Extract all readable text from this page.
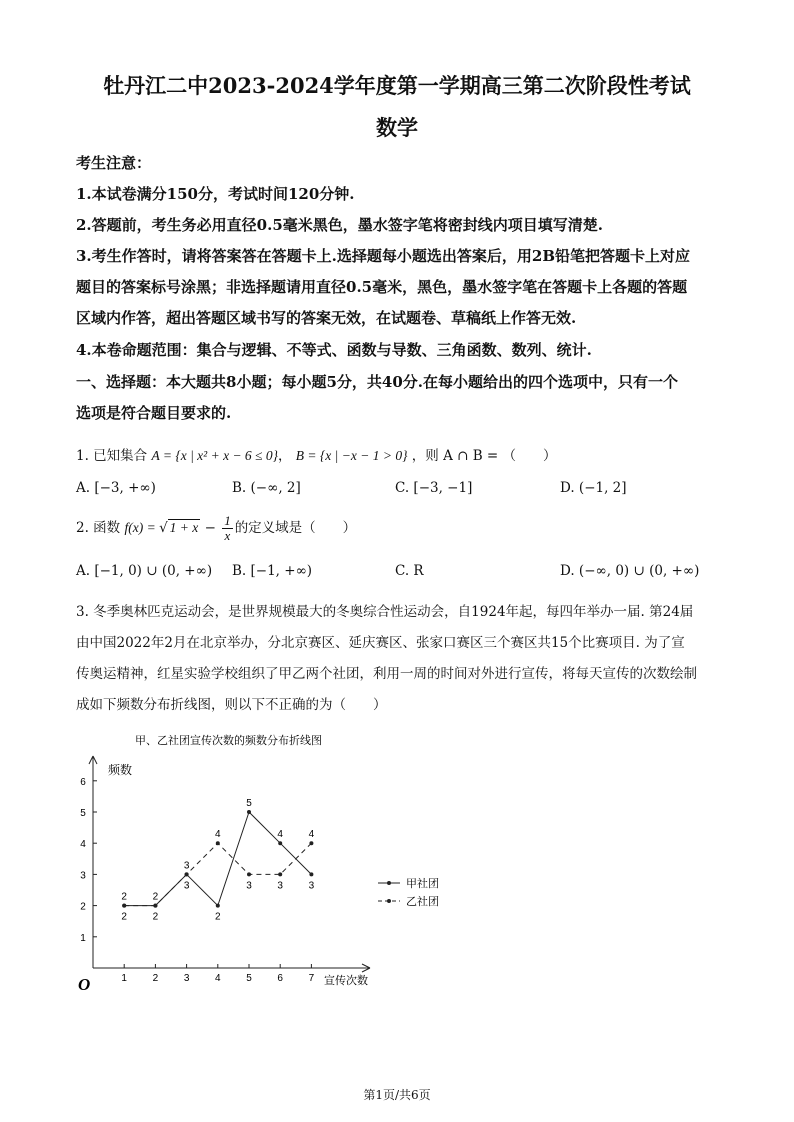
牡丹江二中2023-2024学年度第一学期高三第二次阶段性考试
数学
考生注意：
1.本试卷满分150分，考试时间120分钟.
2.答题前，考生务必用直径0.5毫米黑色，墨水签字笔将密封线内项目填写清楚.
3.考生作答时，请将答案答在答题卡上.选择题每小题选出答案后，用2B铅笔把答题卡上对应
题目的答案标号涂黑；非选择题请用直径0.5毫米，黑色，墨水签字笔在答题卡上各题的答题
区域内作答，超出答题区域书写的答案无效，在试题卷、草稿纸上作答无效.
4.本卷命题范围：集合与逻辑、不等式、函数与导数、三角函数、数列、统计.
一、选择题：本大题共8小题；每小题5分，共40分.在每小题给出的四个选项中，只有一个
选项是符合题目要求的.
1. 已知集合 A = {x | x² + x − 6 ≤ 0}， B = {x | −x − 1 > 0} ，则 A ∩ B = （　　）
A. [−3, +∞)	B. (−∞, 2]	C. [−3, −1]	D. (−1, 2]
2. 函数 f(x) = √ $1 + x - \frac{1}{x}$ 的定义域是（　　）
A. [−1, 0) ∪ (0, +∞) B. [−1, +∞)	C. R	D. (−∞, 0) ∪ (0, +∞)
3. 冬季奥林匹克运动会，是世界规模最大的冬奥综合性运动会，自1924年起，每四年举办一届. 第24届
由中国2022年2月在北京举办，分北京赛区、延庆赛区、张家口赛区三个赛区共15个比赛项目. 为了宣
传奥运精神，红星实验学校组织了甲乙两个社团，利用一周的时间对外进行宣传，将每天宣传的次数绘制
成如下频数分布折线图，则以下不正确的为（　　）
甲、乙社团宣传次数的频数分布折线图
频数
宣传次数
O
1
2
3
4
5
6
1	2	3	4	5	6	7
2	2
3
2
5
4
3
2	2
3
4
3	3
4
甲社团
乙社团
第1页/共6页
